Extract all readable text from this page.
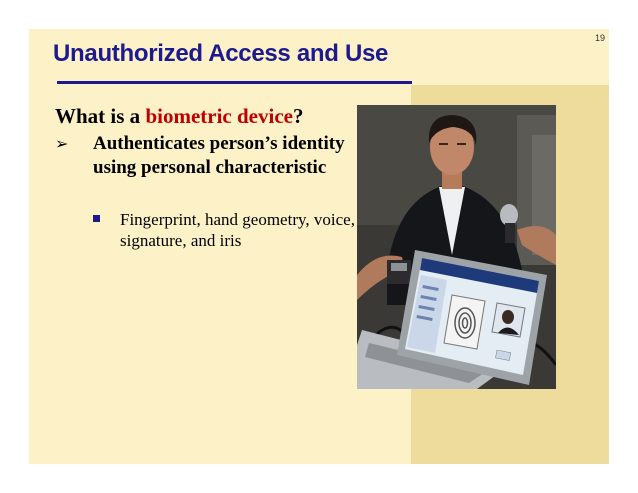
19
Unauthorized Access and Use
What is a biometric device?
➢ Authenticates person’s identity using personal characteristic
Fingerprint, hand geometry, voice, signature, and iris
